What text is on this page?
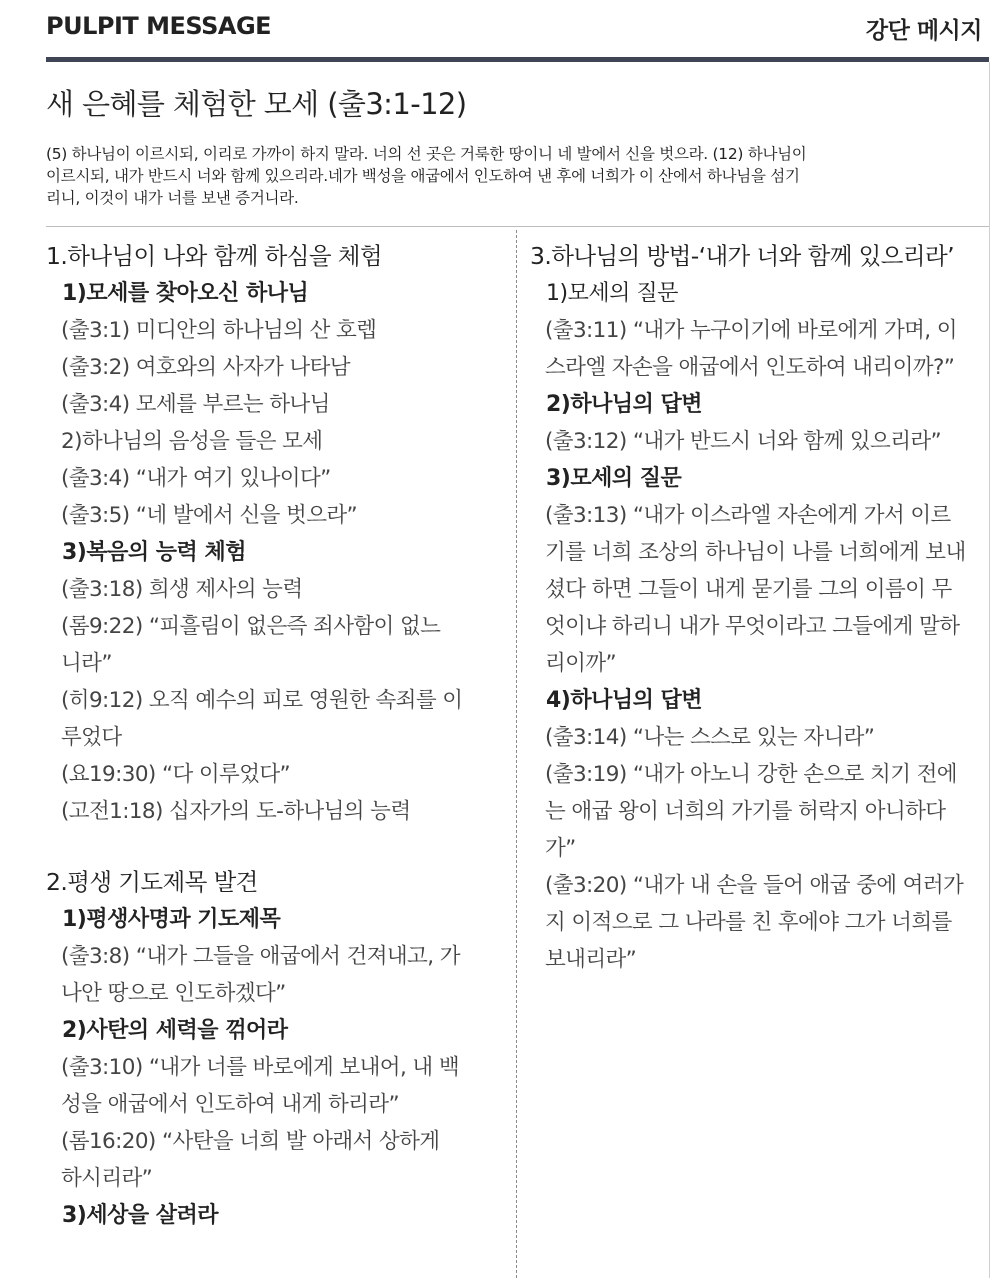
PULPIT MESSAGE	강단 메시지
새 은혜를 체험한 모세 (출3:1-12)
(5) 하나님이 이르시되, 이리로 가까이 하지 말라. 너의 선 곳은 거룩한 땅이니 네 발에서 신을 벗으라. (12) 하나님이
이르시되, 내가 반드시 너와 함께 있으리라.네가 백성을 애굽에서 인도하여 낸 후에 너희가 이 산에서 하나님을 섬기
리니, 이것이 내가 너를 보낸 증거니라.
1.하나님이 나와 함께 하심을 체험
1)모세를 찾아오신 하나님
(출3:1) 미디안의 하나님의 산 호렙
(출3:2) 여호와의 사자가 나타남
(출3:4) 모세를 부르는 하나님
2)하나님의 음성을 들은 모세
(출3:4) “내가 여기 있나이다”
(출3:5) “네 발에서 신을 벗으라”
3)복음의 능력 체험
(출3:18) 희생 제사의 능력
(롬9:22) “피흘림이 없은즉 죄사함이 없느
니라”
(히9:12) 오직 예수의 피로 영원한 속죄를 이
루었다
(요19:30) “다 이루었다”
(고전1:18) 십자가의 도-하나님의 능력
2.평생 기도제목 발견
1)평생사명과 기도제목
(출3:8) “내가 그들을 애굽에서 건져내고, 가
나안 땅으로 인도하겠다”
2)사탄의 세력을 꺾어라
(출3:10) “내가 너를 바로에게 보내어, 내 백
성을 애굽에서 인도하여 내게 하리라”
(롬16:20) “사탄을 너희 발 아래서 상하게
하시리라”
3)세상을 살려라
3.하나님의 방법-‘내가 너와 함께 있으리라’
1)모세의 질문
(출3:11) “내가 누구이기에 바로에게 가며, 이
스라엘 자손을 애굽에서 인도하여 내리이까?”
2)하나님의 답변
(출3:12) “내가 반드시 너와 함께 있으리라”
3)모세의 질문
(출3:13) “내가 이스라엘 자손에게 가서 이르
기를 너희 조상의 하나님이 나를 너희에게 보내
셨다 하면 그들이 내게 묻기를 그의 이름이 무
엇이냐 하리니 내가 무엇이라고 그들에게 말하
리이까”
4)하나님의 답변
(출3:14) “나는 스스로 있는 자니라”
(출3:19) “내가 아노니 강한 손으로 치기 전에
는 애굽 왕이 너희의 가기를 허락지 아니하다
가”
(출3:20) “내가 내 손을 들어 애굽 중에 여러가
지 이적으로 그 나라를 친 후에야 그가 너희를
보내리라”
